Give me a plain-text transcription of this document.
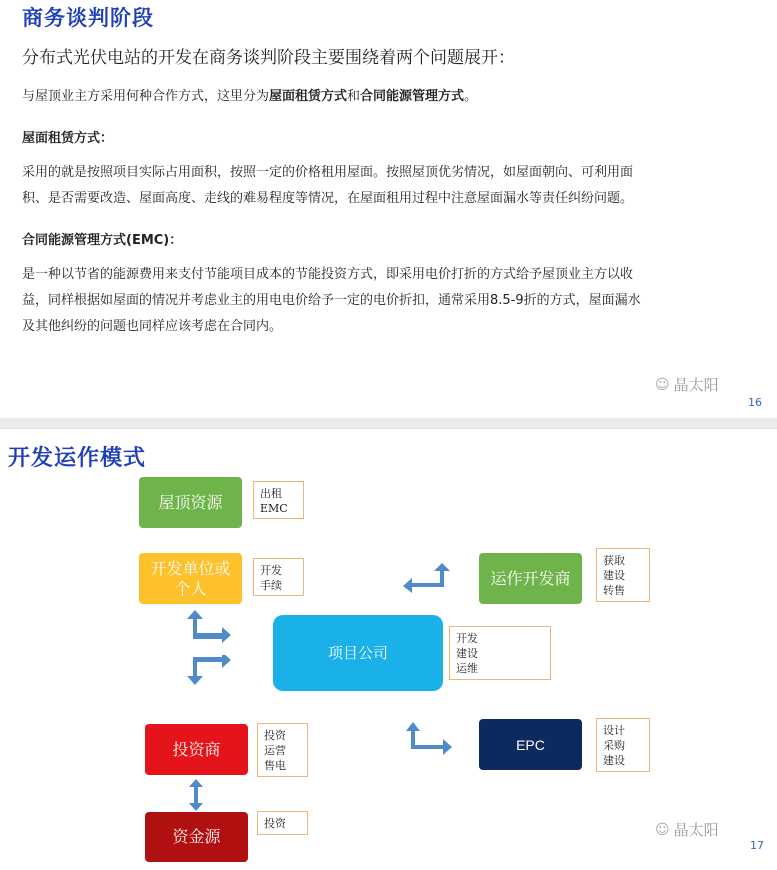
商务谈判阶段

分布式光伏电站的开发在商务谈判阶段主要围绕着两个问题展开：

与屋顶业主方采用何种合作方式，这里分为屋面租赁方式和合同能源管理方式。

屋面租赁方式：

采用的就是按照项目实际占用面积，按照一定的价格租用屋面。按照屋顶优劣情况，如屋面朝向、可利用面

积、是否需要改造、屋面高度、走线的难易程度等情况，在屋面租用过程中注意屋面漏水等责任纠纷问题。

合同能源管理方式(EMC)：

是一种以节省的能源费用来支付节能项目成本的节能投资方式，即采用电价打折的方式给予屋顶业主方以收

益，同样根据如屋面的情况并考虑业主的用电电价给予一定的电价折扣，通常采用8.5-9折的方式，屋面漏水

及其他纠纷的问题也同样应该考虑在合同内。

☺ 晶太阳
16
开发运作模式
屋顶资源
开发单位或个人
项目公司
运作开发商
EPC
投资商
资金源
出租
EMC
开发
手续
开发
建设
运维
获取
建设
转售
设计
采购
建设
投资
运营
售电
投资	☺ 晶太阳
17
